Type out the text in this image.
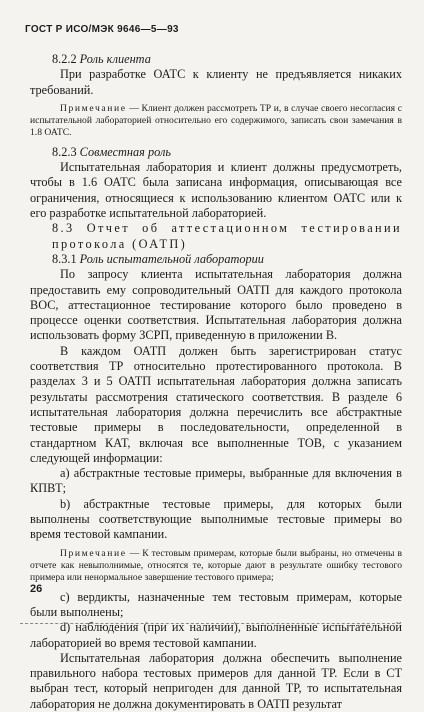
ГОСТ Р ИСО/МЭК 9646—5—93

8.2.2 Роль клиента

При разработке ОАТС к клиенту не предъявляется никаких требований.

Примечание — Клиент должен рассмотреть ТР и, в случае своего несогласия с испытательной лабораторией относительно его содержимого, записать свои замечания в 1.8 ОАТС.

8.2.3 Совместная роль

Испытательная лаборатория и клиент должны предусмотреть, чтобы в 1.6 ОАТС была записана информация, описывающая все ограничения, относящиеся к использованию клиентом ОАТС или к его разработке испытательной лабораторией.

8.3 Отчет об аттестационном тестировании протокола (ОАТП)

8.3.1 Роль испытательной лаборатории

По запросу клиента испытательная лаборатория должна предоставить ему сопроводительный ОАТП для каждого протокола ВОС, аттестационное тестирование которого было проведено в процессе оценки соответствия. Испытательная лаборатория должна использовать форму ЗСРП, приведенную в приложении В.

В каждом ОАТП должен быть зарегистрирован статус соответствия ТР относительно протестированного протокола. В разделах 3 и 5 ОАТП испытательная лаборатория должна записать результаты рассмотрения статического соответствия. В разделе 6 испытательная лаборатория должна перечислить все абстрактные тестовые примеры в последовательности, определенной в стандартном КАТ, включая все выполненные ТОВ, с указанием следующей информации:

а) абстрактные тестовые примеры, выбранные для включения в КПВТ;

b) абстрактные тестовые примеры, для которых были выполнены соответствующие выполнимые тестовые примеры во время тестовой кампании.

Примечание — К тестовым примерам, которые были выбраны, но отмечены в отчете как невыполнимые, относятся те, которые дают в результате ошибку тестового примера или ненормальное завершение тестового примера;

с) вердикты, назначенные тем тестовым примерам, которые были выполнены;

d) наблюдения (при их наличии), выполненные испытательной лабораторией во время тестовой кампании.

Испытательная лаборатория должна обеспечить выполнение правильного набора тестовых примеров для данной ТР. Если в СТ выбран тест, который непригоден для данной ТР, то испытательная лаборатория не должна документировать в ОАТП результат

26
